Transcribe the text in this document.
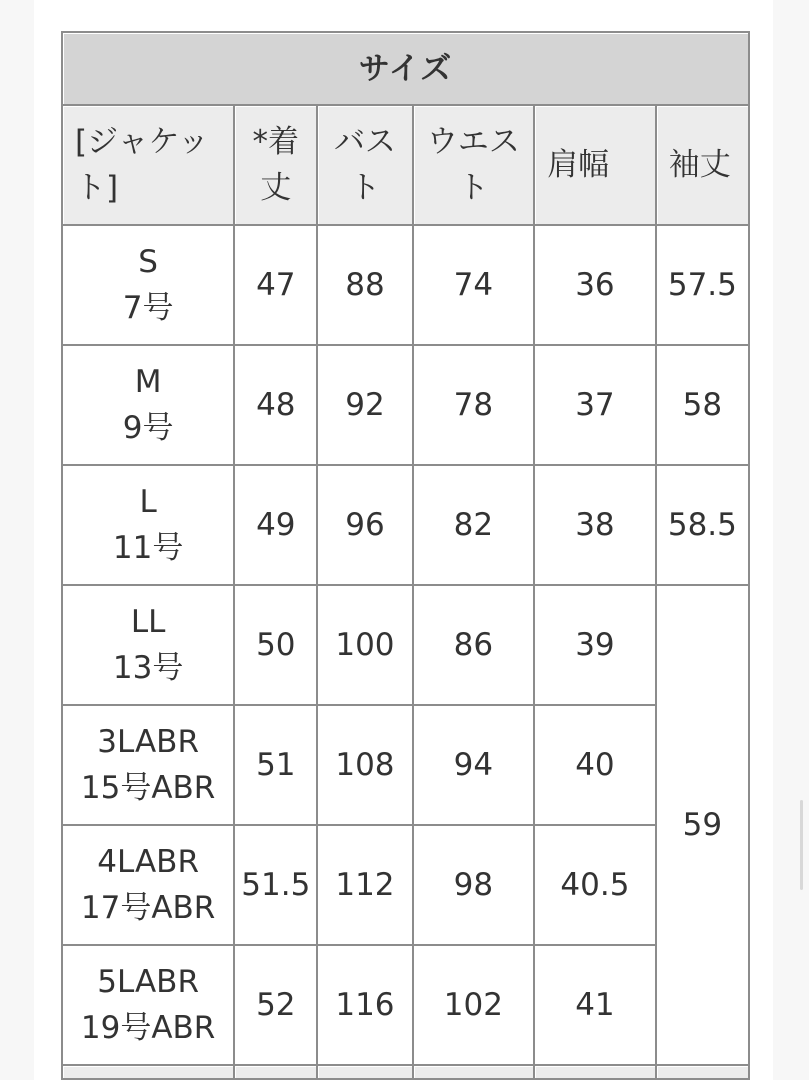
サイズ					
[ジャケット]	*着丈	バスト	ウエスト	肩幅	袖丈

S
7号	47	88	74	36	57.5

M
9号	48	92	78	37	58

L
11号	49	96	82	38	58.5

LL
13号	50	100	86	39	59

3LABR
15号ABR	51	108	94	40	

4LABR
17号ABR	51.5	112	98	40.5	

5LABR
19号ABR	52	116	102	41	
